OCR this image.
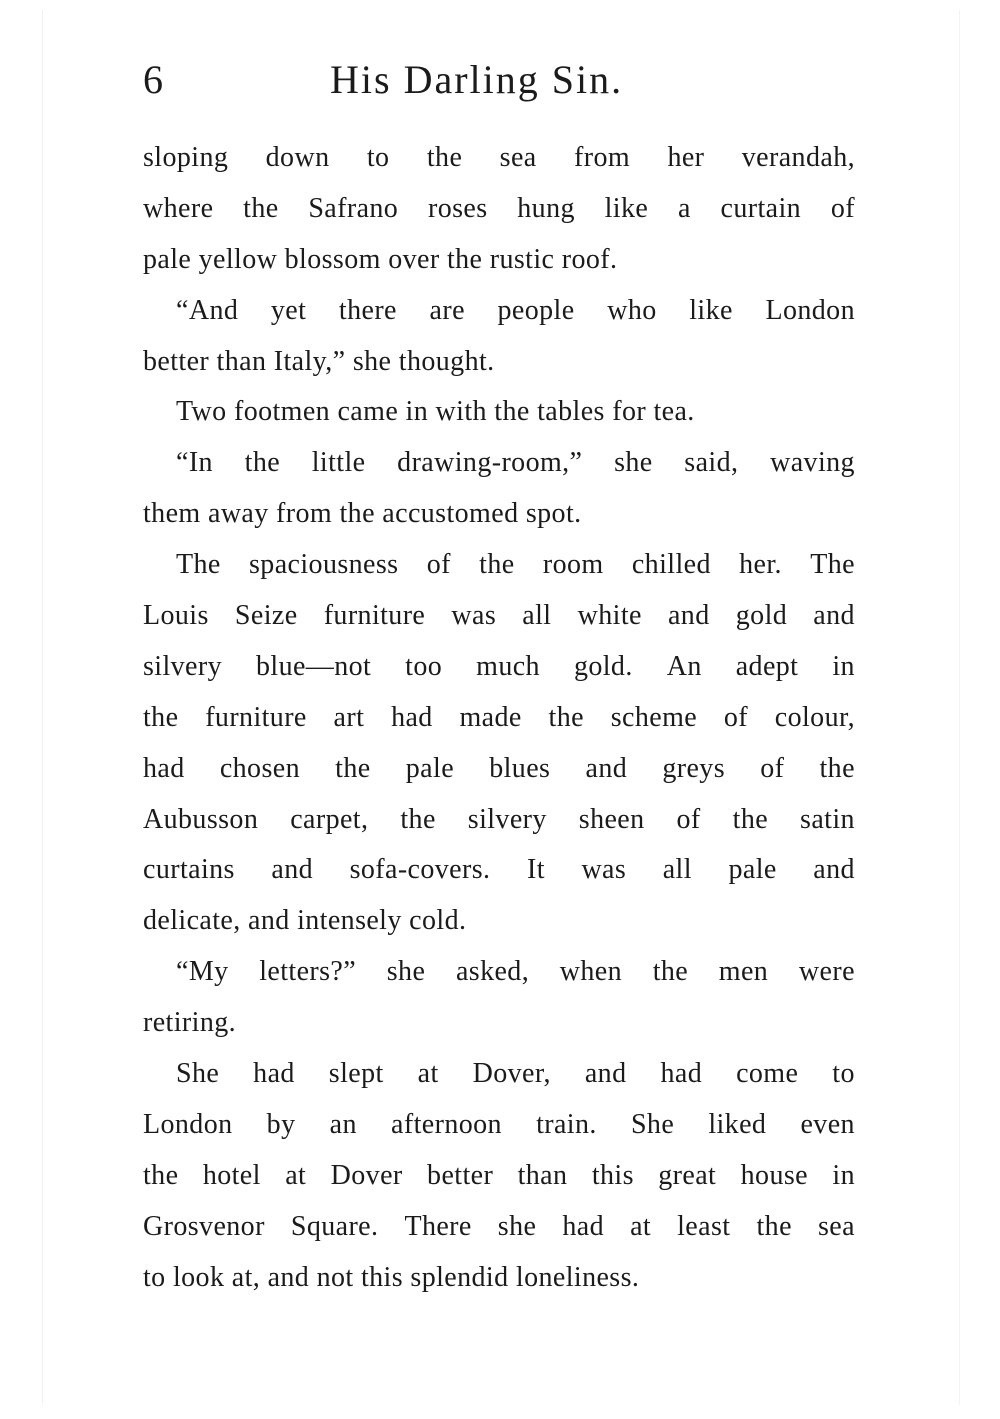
6	His Darling Sin.
sloping down to the sea from her verandah,
where the Safrano roses hung like a curtain of
pale yellow blossom over the rustic roof.
“And yet there are people who like London
better than Italy,” she thought.
Two footmen came in with the tables for tea.
“In the little drawing-room,” she said, waving
them away from the accustomed spot.
The spaciousness of the room chilled her. The
Louis Seize furniture was all white and gold and
silvery blue—not too much gold. An adept in
the furniture art had made the scheme of colour,
had chosen the pale blues and greys of the
Aubusson carpet, the silvery sheen of the satin
curtains and sofa-covers. It was all pale and
delicate, and intensely cold.
“My letters?” she asked, when the men were
retiring.
She had slept at Dover, and had come to
London by an afternoon train. She liked even
the hotel at Dover better than this great house in
Grosvenor Square. There she had at least the sea
to look at, and not this splendid loneliness.
